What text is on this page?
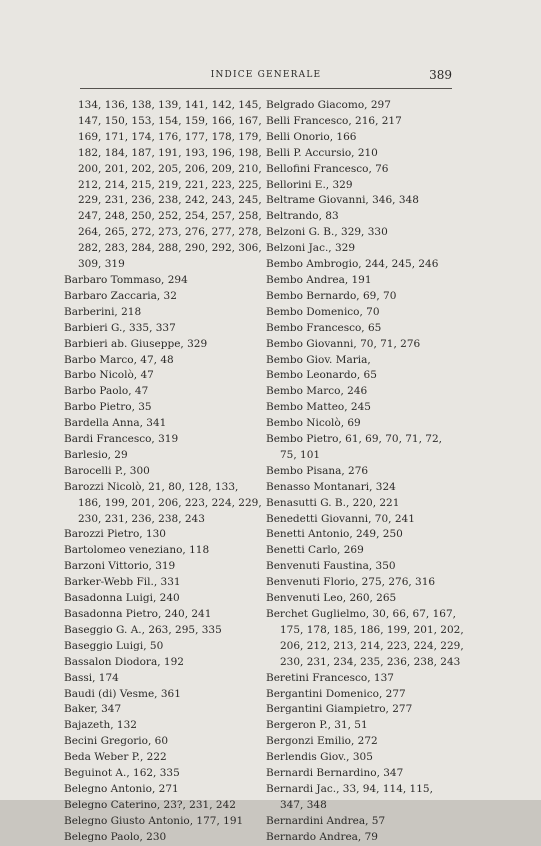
INDICE GENERALE	389
134, 136, 138, 139, 141, 142, 145,
147, 150, 153, 154, 159, 166, 167,
169, 171, 174, 176, 177, 178, 179,
182, 184, 187, 191, 193, 196, 198,
200, 201, 202, 205, 206, 209, 210,
212, 214, 215, 219, 221, 223, 225,
229, 231, 236, 238, 242, 243, 245,
247, 248, 250, 252, 254, 257, 258,
264, 265, 272, 273, 276, 277, 278,
282, 283, 284, 288, 290, 292, 306,
309, 319
Barbaro Tommaso, 294
Barbaro Zaccaria, 32
Barberini, 218
Barbieri G., 335, 337
Barbieri ab. Giuseppe, 329
Barbo Marco, 47, 48
Barbo Nicolò, 47
Barbo Paolo, 47
Barbo Pietro, 35
Bardella Anna, 341
Bardi Francesco, 319
Barlesio, 29
Barocelli P., 300
Barozzi Nicolò, 21, 80, 128, 133,
186, 199, 201, 206, 223, 224, 229,
230, 231, 236, 238, 243
Barozzi Pietro, 130
Bartolomeo veneziano, 118
Barzoni Vittorio, 319
Barker-Webb Fil., 331
Basadonna Luigi, 240
Basadonna Pietro, 240, 241
Baseggio G. A., 263, 295, 335
Baseggio Luigi, 50
Bassalon Diodora, 192
Bassi, 174
Baudi (di) Vesme, 361
Baker, 347
Bajazeth, 132
Becini Gregorio, 60
Beda Weber P., 222
Beguinot A., 162, 335
Belegno Antonio, 271
Belegno Caterino, 23?, 231, 242
Belegno Giusto Antonio, 177, 191
Belegno Paolo, 230
Belgrado Giacomo, 297
Belli Francesco, 216, 217
Belli Onorio, 166
Belli P. Accursio, 210
Bellofini Francesco, 76
Bellorini E., 329
Beltrame Giovanni, 346, 348
Beltrando, 83
Belzoni G. B., 329, 330
Belzoni Jac., 329
Bembo Ambrogio, 244, 245, 246
Bembo Andrea, 191
Bembo Bernardo, 69, 70
Bembo Domenico, 70
Bembo Francesco, 65
Bembo Giovanni, 70, 71, 276
Bembo Giov. Maria,
Bembo Leonardo, 65
Bembo Marco, 246
Bembo Matteo, 245
Bembo Nicolò, 69
Bembo Pietro, 61, 69, 70, 71, 72,
75, 101
Bembo Pisana, 276
Benasso Montanari, 324
Benasutti G. B., 220, 221
Benedetti Giovanni, 70, 241
Benetti Antonio, 249, 250
Benetti Carlo, 269
Benvenuti Faustina, 350
Benvenuti Florio, 275, 276, 316
Benvenuti Leo, 260, 265
Berchet Guglielmo, 30, 66, 67, 167,
175, 178, 185, 186, 199, 201, 202,
206, 212, 213, 214, 223, 224, 229,
230, 231, 234, 235, 236, 238, 243
Beretini Francesco, 137
Bergantini Domenico, 277
Bergantini Giampietro, 277
Bergeron P., 31, 51
Bergonzi Emilio, 272
Berlendis Giov., 305
Bernardi Bernardino, 347
Bernardi Jac., 33, 94, 114, 115,
347, 348
Bernardini Andrea, 57
Bernardo Andrea, 79
